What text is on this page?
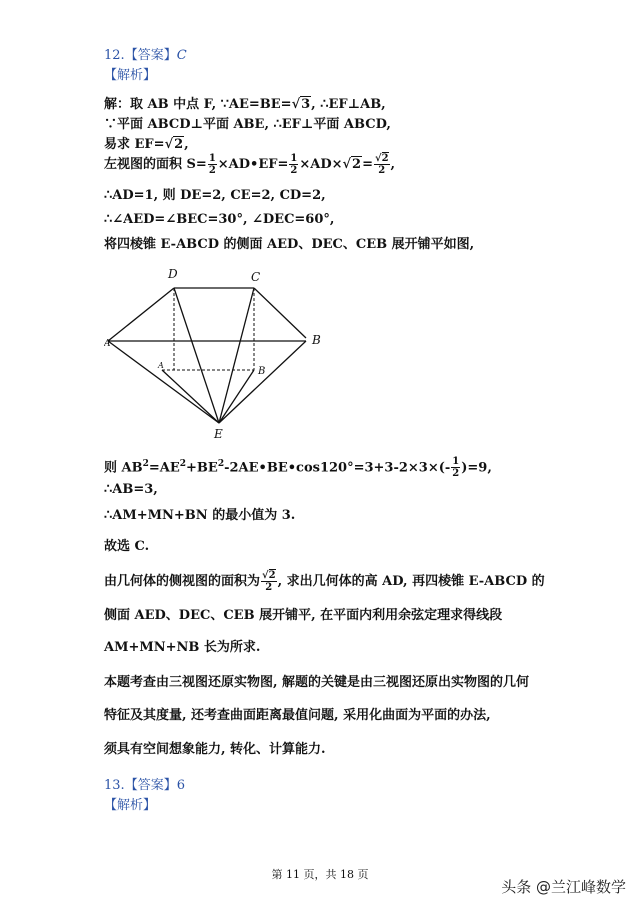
12.【答案】C
【解析】
解：取 AB 中点 F, ∵AE=BE=√3, ∴EF⊥AB,
∵平面 ABCD⊥平面 ABE, ∴EF⊥平面 ABCD,
易求 EF=√2,
左视图的面积 $S= \frac{1}{2}$ ×AD•EF= $\frac{1}{2} \times AD\times√2= \frac{√2}{2}$ ,
∴AD=1, 则 DE=2, CE=2, CD=2,
∴∠AED=∠BEC=30°, ∠DEC=60°,
将四棱锥 E-ABCD 的侧面 AED、DEC、CEB 展开铺平如图,
D	C
A	B
A
B
E
则 $AB^2=AE^2+BE^2-2AE•BE•\cos 120^\circ=3+3-2\times 3\times(- \frac{1}{2} )=9$,
∴AB=3,
∴AM+MN+BN 的最小值为 3.
故选 C.
由几何体的侧视图的面积为 $\frac{√2}{2}$ , 求出几何体的高 AD, 再四棱锥 E-ABCD 的
侧面 AED、DEC、CEB 展开铺平, 在平面内利用余弦定理求得线段
AM+MN+NB 长为所求.
本题考查由三视图还原实物图, 解题的关键是由三视图还原出实物图的几何
特征及其度量, 还考查曲面距离最值问题, 采用化曲面为平面的办法,
须具有空间想象能力, 转化、计算能力.
13.【答案】6
【解析】
第 11 页，共 18 页
头条 @兰江峰数学
